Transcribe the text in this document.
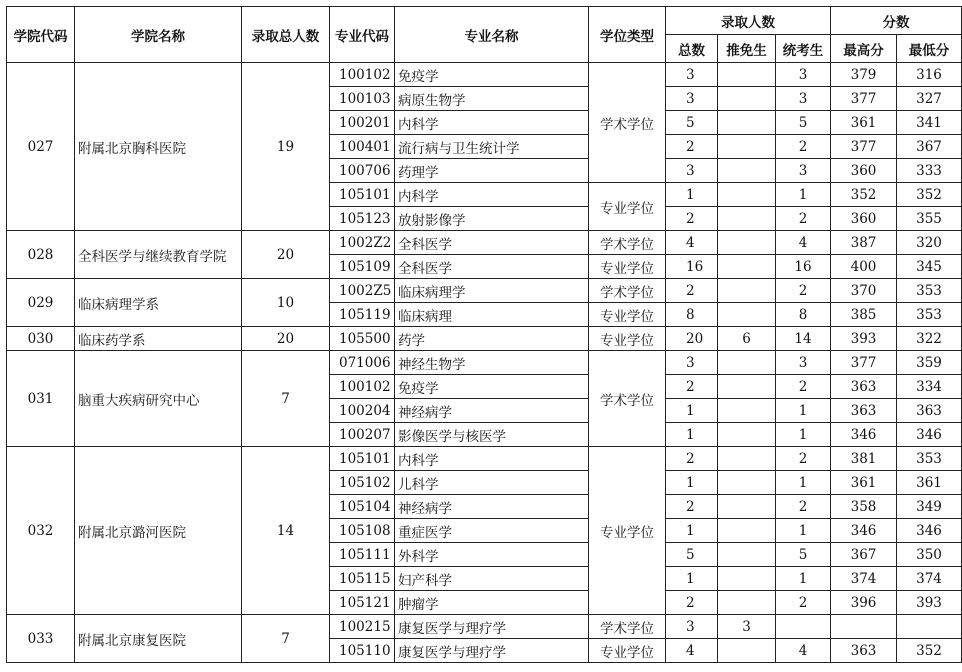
学院代码	学院名称	录取总人数	专业代码	专业名称	学位类型	录取人数			分数	
						总数	推免生	统考生	最高分	最低分
027	附属北京胸科医院	19	100102	免疫学	学术学位	3		3	379	316
			100103	病原生物学		3		3	377	327
			100201	内科学		5		5	361	341
			100401	流行病与卫生统计学		2		2	377	367
			100706	药理学		3		3	360	333
			105101	内科学	专业学位	1		1	352	352
			105123	放射影像学		2		2	360	355
028	全科医学与继续教育学院	20	1002Z2	全科医学	学术学位	4		4	387	320
			105109	全科医学	专业学位	16		16	400	345
029	临床病理学系	10	1002Z5	临床病理学	学术学位	2		2	370	353
			105119	临床病理	专业学位	8		8	385	353
030	临床药学系	20	105500	药学	专业学位	20	6	14	393	322
031	脑重大疾病研究中心	7	071006	神经生物学	学术学位	3		3	377	359
			100102	免疫学		2		2	363	334
			100204	神经病学		1		1	363	363
			100207	影像医学与核医学		1		1	346	346
032	附属北京潞河医院	14	105101	内科学	专业学位	2		2	381	353
			105102	儿科学		1		1	361	361
			105104	神经病学		2		2	358	349
			105108	重症医学		1		1	346	346
			105111	外科学		5		5	367	350
			105115	妇产科学		1		1	374	374
			105121	肿瘤学		2		2	396	393
033	附属北京康复医院	7	100215	康复医学与理疗学	学术学位	3	3			
			105110	康复医学与理疗学	专业学位	4		4	363	352
